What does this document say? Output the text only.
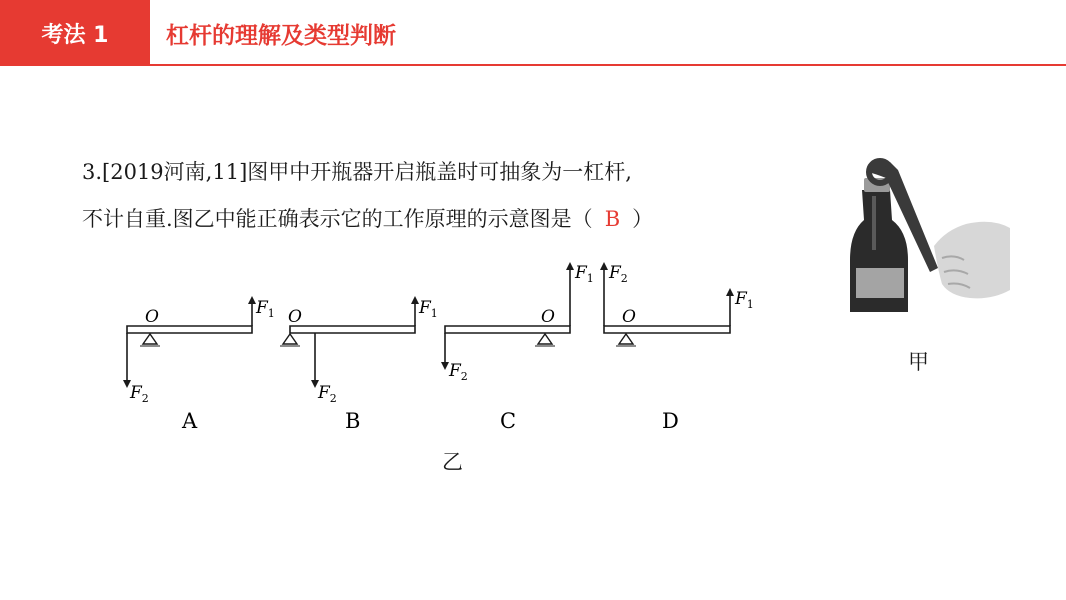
考法 1	杠杆的理解及类型判断
3.[2019河南,11]图甲中开瓶器开启瓶盖时可抽象为一杠杆,
不计自重.图乙中能正确表示它的工作原理的示意图是（ B ）
O	$F_1$
$F_2$
A
O	$F_1$
$F_2$
B
O
$F_1$
$F_2$
C
O
$F_1$
$F_2$
D
甲
乙
